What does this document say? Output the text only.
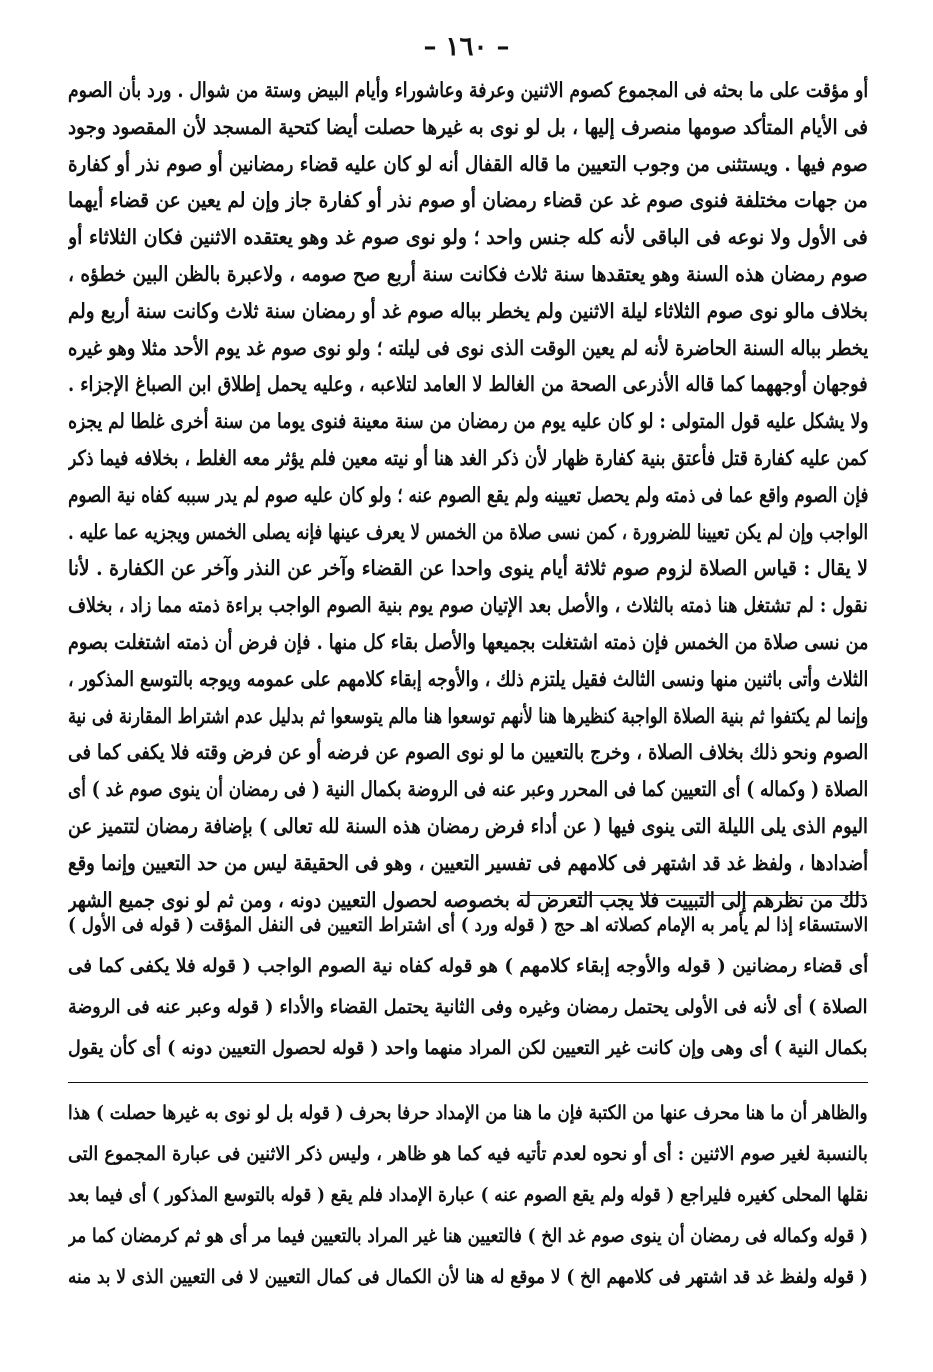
– ١٦٠ –
أو مؤقت على ما بحثه فى المجموع كصوم الاثنين وعرفة وعاشوراء وأيام البيض وستة من شوال . ورد بأن الصوم
فى الأيام المتأكد صومها منصرف إليها ، بل لو نوى به غيرها حصلت أيضا كتحية المسجد لأن المقصود وجود
صوم فيها . ويستثنى من وجوب التعيين ما قاله القفال أنه لو كان عليه قضاء رمضانين أو صوم نذر أو كفارة
من جهات مختلفة فنوى صوم غد عن قضاء رمضان أو صوم نذر أو كفارة جاز وإن لم يعين عن قضاء أيهما
فى الأول ولا نوعه فى الباقى لأنه كله جنس واحد ؛ ولو نوى صوم غد وهو يعتقده الاثنين فكان الثلاثاء أو
صوم رمضان هذه السنة وهو يعتقدها سنة ثلاث فكانت سنة أربع صح صومه ، ولاعبرة بالظن البين خطؤه ،
بخلاف مالو نوى صوم الثلاثاء ليلة الاثنين ولم يخطر بباله صوم غد أو رمضان سنة ثلاث وكانت سنة أربع ولم
يخطر بباله السنة الحاضرة لأنه لم يعين الوقت الذى نوى فى ليلته ؛ ولو نوى صوم غد يوم الأحد مثلا وهو غيره
فوجهان أوجههما كما قاله الأذرعى الصحة من الغالط لا العامد لتلاعبه ، وعليه يحمل إطلاق ابن الصباغ الإجزاء .
ولا يشكل عليه قول المتولى : لو كان عليه يوم من رمضان من سنة معينة فنوى يوما من سنة أخرى غلطا لم يجزه
كمن عليه كفارة قتل فأعتق بنية كفارة ظهار لأن ذكر الغد هنا أو نيته معين فلم يؤثر معه الغلط ، بخلافه فيما ذكر
فإن الصوم واقع عما فى ذمته ولم يحصل تعيينه ولم يقع الصوم عنه ؛ ولو كان عليه صوم لم يدر سببه كفاه نية الصوم
الواجب وإن لم يكن تعيينا للضرورة ، كمن نسى صلاة من الخمس لا يعرف عينها فإنه يصلى الخمس ويجزيه عما عليه .
لا يقال : قياس الصلاة لزوم صوم ثلاثة أيام ينوى واحدا عن القضاء وآخر عن النذر وآخر عن الكفارة . لأنا
نقول : لم تشتغل هنا ذمته بالثلاث ، والأصل بعد الإتيان صوم يوم بنية الصوم الواجب براءة ذمته مما زاد ، بخلاف
من نسى صلاة من الخمس فإن ذمته اشتغلت بجميعها والأصل بقاء كل منها . فإن فرض أن ذمته اشتغلت بصوم
الثلاث وأتى باثنين منها ونسى الثالث فقيل يلتزم ذلك ، والأوجه إبقاء كلامهم على عمومه ويوجه بالتوسع المذكور ،
وإنما لم يكتفوا ثم بنية الصلاة الواجبة كنظيرها هنا لأنهم توسعوا هنا مالم يتوسعوا ثم بدليل عدم اشتراط المقارنة فى نية
الصوم ونحو ذلك بخلاف الصلاة ، وخرج بالتعيين ما لو نوى الصوم عن فرضه أو عن فرض وقته فلا يكفى كما فى
الصلاة ( وكماله ) أى التعيين كما فى المحرر وعبر عنه فى الروضة بكمال النية ( فى رمضان أن ينوى صوم غد ) أى
اليوم الذى يلى الليلة التى ينوى فيها ( عن أداء فرض رمضان هذه السنة لله تعالى ) بإضافة رمضان لتتميز عن
أضدادها ، ولفظ غد قد اشتهر فى كلامهم فى تفسير التعيين ، وهو فى الحقيقة ليس من حد التعيين وإنما وقع
ذلك من نظرهم إلى التبييت فلا يجب التعرض له بخصوصه لحصول التعيين دونه ، ومن ثم لو نوى جميع الشهر
الاستسقاء إذا لم يأمر به الإمام كصلاته اهـ حج ( قوله ورد ) أى اشتراط التعيين فى النفل المؤقت ( قوله فى الأول )
أى قضاء رمضانين ( قوله والأوجه إبقاء كلامهم ) هو قوله كفاه نية الصوم الواجب ( قوله فلا يكفى كما فى
الصلاة ) أى لأنه فى الأولى يحتمل رمضان وغيره وفى الثانية يحتمل القضاء والأداء ( قوله وعبر عنه فى الروضة
بكمال النية ) أى وهى وإن كانت غير التعيين لكن المراد منهما واحد ( قوله لحصول التعيين دونه ) أى كأن يقول
والظاهر أن ما هنا محرف عنها من الكتبة فإن ما هنا من الإمداد حرفا بحرف ( قوله بل لو نوى به غيرها حصلت ) هذا
بالنسبة لغير صوم الاثنين : أى أو نحوه لعدم تأتيه فيه كما هو ظاهر ، وليس ذكر الاثنين فى عبارة المجموع التى
نقلها المحلى كغيره فليراجع ( قوله ولم يقع الصوم عنه ) عبارة الإمداد فلم يقع ( قوله بالتوسع المذكور ) أى فيما بعد
( قوله وكماله فى رمضان أن ينوى صوم غد الخ ) فالتعيين هنا غير المراد بالتعيين فيما مر أى هو ثم كرمضان كما مر
( قوله ولفظ غد قد اشتهر فى كلامهم الخ ) لا موقع له هنا لأن الكمال فى كمال التعيين لا فى التعيين الذى لا بد منه
